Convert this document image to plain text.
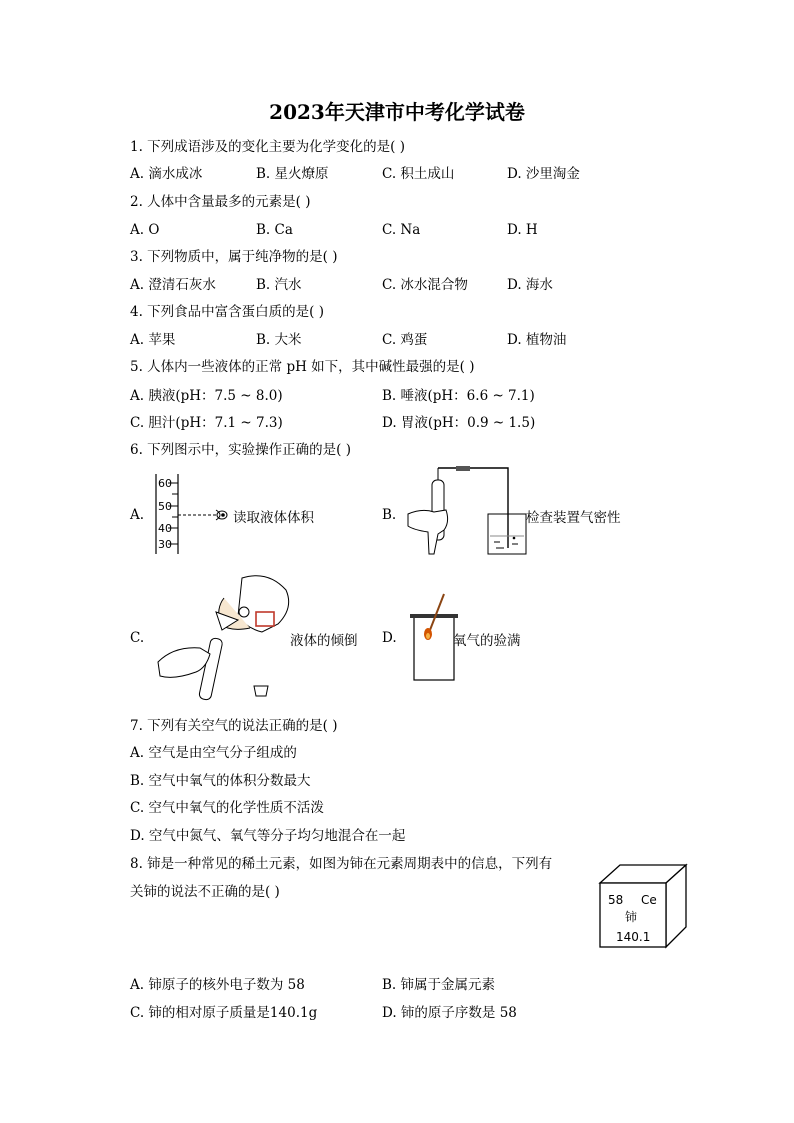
2023年天津市中考化学试卷
1. 下列成语涉及的变化主要为化学变化的是( )
A. 滴水成冰	B. 星火燎原	C. 积土成山	D. 沙里淘金
2. 人体中含量最多的元素是( )
A. O	B. Ca	C. Na	D. H
3. 下列物质中，属于纯净物的是( )
A. 澄清石灰水	B. 汽水	C. 冰水混合物	D. 海水
4. 下列食品中富含蛋白质的是( )
A. 苹果	B. 大米	C. 鸡蛋	D. 植物油
5. 人体内一些液体的正常 pH 如下，其中碱性最强的是( )
A. 胰液(pH：7.5 ~ 8.0)	B. 唾液(pH：6.6 ~ 7.1)
C. 胆汁(pH：7.1 ~ 7.3)	D. 胃液(pH：0.9 ~ 1.5)
6. 下列图示中，实验操作正确的是( )
A.
60
50
40
30
读取液体体积	B.	检查装置气密性
C.	液体的倾倒 D.	氧气的验满
7. 下列有关空气的说法正确的是( )
A. 空气是由空气分子组成的
B. 空气中氧气的体积分数最大
C. 空气中氧气的化学性质不活泼
D. 空气中氮气、氧气等分子均匀地混合在一起
8. 铈是一种常见的稀土元素，如图为铈在元素周期表中的信息，下列有
关铈的说法不正确的是( )	58 Ce
铈
140.1
A. 铈原子的核外电子数为 58	B. 铈属于金属元素
C. 铈的相对原子质量是140.1g	D. 铈的原子序数是 58
